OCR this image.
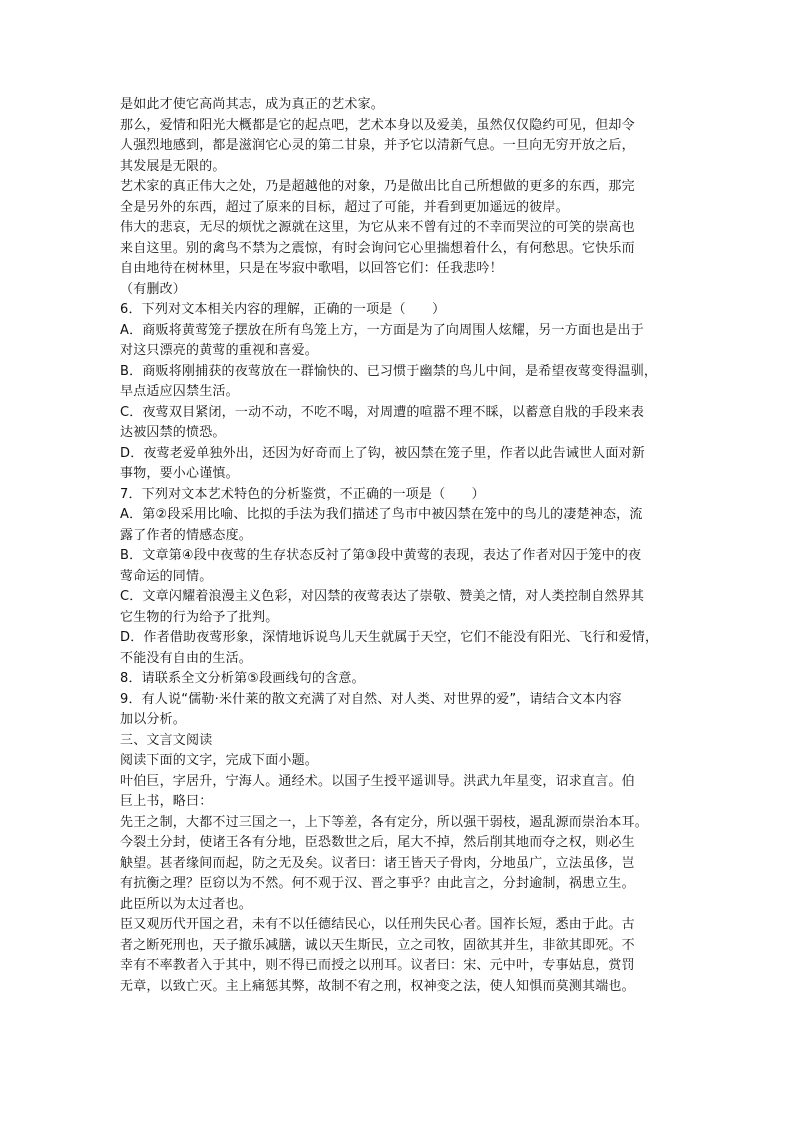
是如此才使它高尚其志，成为真正的艺术家。
那么，爱情和阳光大概都是它的起点吧，艺术本身以及爱美，虽然仅仅隐约可见，但却令
人强烈地感到，都是滋润它心灵的第二甘泉，并予它以清新气息。一旦向无穷开放之后，
其发展是无限的。
艺术家的真正伟大之处，乃是超越他的对象，乃是做出比自己所想做的更多的东西，那完
全是另外的东西，超过了原来的目标，超过了可能，并看到更加遥远的彼岸。
伟大的悲哀，无尽的烦忧之源就在这里，为它从来不曾有过的不幸而哭泣的可笑的崇高也
来自这里。别的禽鸟不禁为之震惊，有时会询问它心里揣想着什么，有何愁思。它快乐而
自由地待在树林里，只是在岑寂中歌唱，以回答它们：任我悲吟！
（有删改）
6．下列对文本相关内容的理解，正确的一项是（　　）
A．商贩将黄莺笼子摆放在所有鸟笼上方，一方面是为了向周围人炫耀，另一方面也是出于
对这只漂亮的黄莺的重视和喜爱。
B．商贩将刚捕获的夜莺放在一群愉快的、已习惯于幽禁的鸟儿中间，是希望夜莺变得温驯，
早点适应囚禁生活。
C．夜莺双目紧闭，一动不动，不吃不喝，对周遭的喧嚣不理不睬，以蓄意自戕的手段来表
达被囚禁的愤恐。
D．夜莺老爱单独外出，还因为好奇而上了钩，被囚禁在笼子里，作者以此告诫世人面对新
事物，要小心谨慎。
7．下列对文本艺术特色的分析鉴赏，不正确的一项是（　　）
A．第②段采用比喻、比拟的手法为我们描述了鸟市中被囚禁在笼中的鸟儿的凄楚神态，流
露了作者的情感态度。
B．文章第④段中夜莺的生存状态反衬了第③段中黄莺的表现，表达了作者对囚于笼中的夜
莺命运的同情。
C．文章闪耀着浪漫主义色彩，对囚禁的夜莺表达了崇敬、赞美之情，对人类控制自然界其
它生物的行为给予了批判。
D．作者借助夜莺形象，深情地诉说鸟儿天生就属于天空，它们不能没有阳光、飞行和爱情，
不能没有自由的生活。
8．请联系全文分析第⑤段画线句的含意。
9．有人说“儒勒·米什莱的散文充满了对自然、对人类、对世界的爱”，请结合文本内容
加以分析。
三、文言文阅读
阅读下面的文字，完成下面小题。
叶伯巨，字居升，宁海人。通经术。以国子生授平遥训导。洪武九年星变，诏求直言。伯
巨上书，略曰：
先王之制，大都不过三国之一，上下等差，各有定分，所以强干弱枝，遏乱源而崇治本耳。
今裂土分封，使诸王各有分地，臣恐数世之后，尾大不掉，然后削其地而夺之权，则必生
觖望。甚者缘间而起，防之无及矣。议者曰：诸王皆天子骨肉，分地虽广，立法虽侈，岂
有抗衡之理？臣窃以为不然。何不观于汉、晋之事乎？由此言之，分封逾制，祸患立生。
此臣所以为太过者也。
臣又观历代开国之君，未有不以任德结民心，以任刑失民心者。国祚长短，悉由于此。古
者之断死刑也，天子撤乐减膳，诚以天生斯民，立之司牧，固欲其并生，非欲其即死。不
幸有不率教者入于其中，则不得已而授之以刑耳。议者曰：宋、元中叶，专事姑息，赏罚
无章，以致亡灭。主上痛惩其弊，故制不宥之刑，权神变之法，使人知惧而莫测其端也。
